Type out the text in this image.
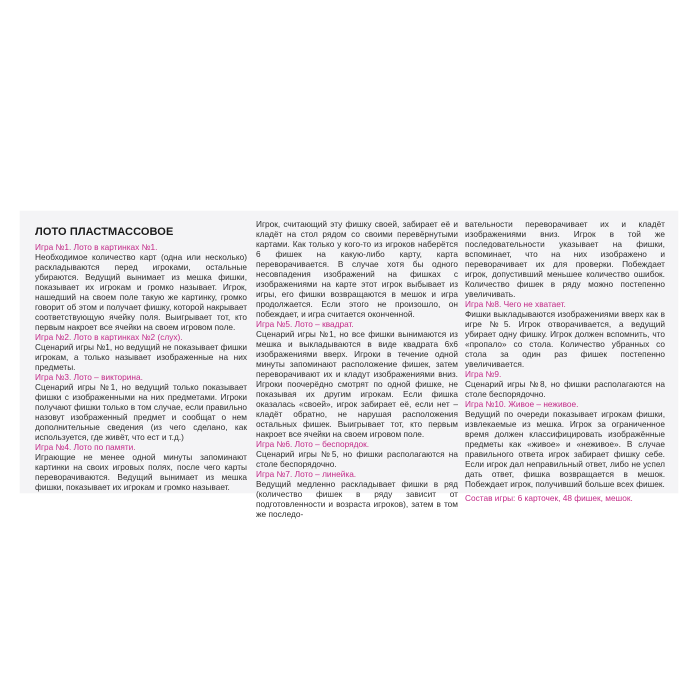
ЛОТО ПЛАСТМАССОВОЕ

Игра №1. Лото в картинках №1.

Необходимое количество карт (одна или несколько) раскладываются перед игроками, остальные убираются. Ведущий вынимает из мешка фишки, показывает их игрокам и громко называет. Игрок, нашедший на своем поле такую же картинку, громко говорит об этом и получает фишку, которой накрывает соответствующую ячейку поля. Выигрывает тот, кто первым накроет все ячейки на своем игровом поле.

Игра №2. Лото в картинках №2 (слух).

Сценарий игры №1, но ведущий не показывает фишки игрокам, а только называет изображенные на них предметы.

Игра №3. Лото – викторина.

Сценарий игры №1, но ведущий только показывает фишки с изображенными на них предметами. Игроки получают фишки только в том случае, если правильно назовут изображенный предмет и сообщат о нем дополнительные сведения (из чего сделано, как используется, где живёт, что ест и т.д.)

Игра №4. Лото по памяти.

Играющие не менее одной минуты запоминают картинки на своих игровых полях, после чего карты переворачиваются. Ведущий вынимает из мешка фишки, показывает их игрокам и громко называет.

Игрок, считающий эту фишку своей, забирает её и кладёт на стол рядом со своими перевёрнутыми картами. Как только у кого-то из игроков наберётся 6 фишек на какую-либо карту, карта переворачивается. В случае хотя бы одного несовпадения изображений на фишках с изображениями на карте этот игрок выбывает из игры, его фишки возвращаются в мешок и игра продолжается. Если этого не произошло, он побеждает, и игра считается оконченной.

Игра №5. Лото – квадрат.

Сценарий игры №1, но все фишки вынимаются из мешка и выкладываются в виде квадрата 6х6 изображениями вверх. Игроки в течение одной минуты запоминают расположение фишек, затем переворачивают их и кладут изображениями вниз. Игроки поочерёдно смотрят по одной фишке, не показывая их другим игрокам. Если фишка оказалась «своей», игрок забирает её, если нет – кладёт обратно, не нарушая расположения остальных фишек. Выигрывает тот, кто первым накроет все ячейки на своем игровом поле.

Игра №6. Лото – беспорядок.

Сценарий игры №5, но фишки располагаются на столе беспорядочно.

Игра №7. Лото – линейка.

Ведущий медленно раскладывает фишки в ряд (количество фишек в ряду зависит от подготовленности и возраста игроков), затем в том же последо-

вательности переворачивает их и кладёт изображениями вниз. Игрок в той же последовательности указывает на фишки, вспоминает, что на них изображено и переворачивает их для проверки. Побеждает игрок, допустивший меньшее количество ошибок. Количество фишек в ряду можно постепенно увеличивать.

Игра №8. Чего не хватает.

Фишки выкладываются изображениями вверх как в игре №5. Игрок отворачивается, а ведущий убирает одну фишку. Игрок должен вспомнить, что «пропало» со стола. Количество убранных со стола за один раз фишек постепенно увеличивается.

Игра №9.

Сценарий игры №8, но фишки располагаются на столе беспорядочно.

Игра №10. Живое – неживое.

Ведущий по очереди показывает игрокам фишки, извлекаемые из мешка. Игрок за ограниченное время должен классифицировать изображённые предметы как «живое» и «неживое». В случае правильного ответа игрок забирает фишку себе. Если игрок дал неправильный ответ, либо не успел дать ответ, фишка возвращается в мешок. Побеждает игрок, получивший больше всех фишек.

Состав игры: 6 карточек, 48 фишек, мешок.
